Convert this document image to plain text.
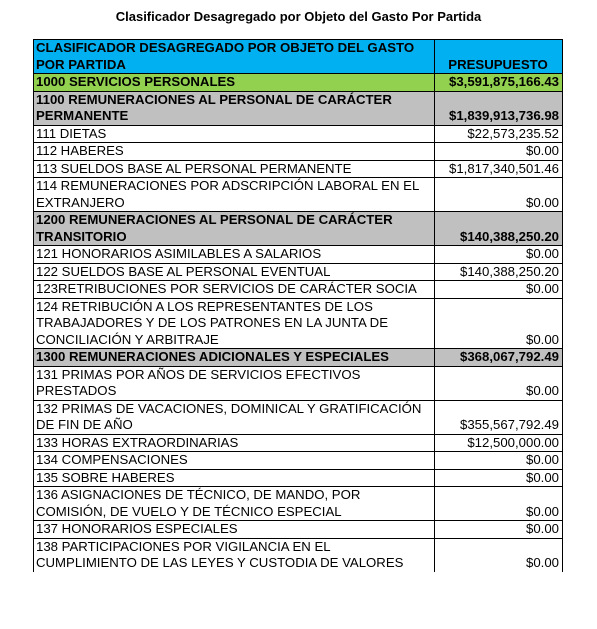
Clasificador Desagregado por Objeto del Gasto Por Partida
CLASIFICADOR DESAGREGADO POR OBJETO DEL GASTO POR PARTIDA	PRESUPUESTO
1000 SERVICIOS PERSONALES	$3,591,875,166.43
1100 REMUNERACIONES AL PERSONAL DE CARÁCTER PERMANENTE	$1,839,913,736.98
111 DIETAS	$22,573,235.52
112 HABERES	$0.00
113 SUELDOS BASE AL PERSONAL PERMANENTE	$1,817,340,501.46
114 REMUNERACIONES POR ADSCRIPCIÓN LABORAL EN EL EXTRANJERO	$0.00
1200 REMUNERACIONES AL PERSONAL DE CARÁCTER TRANSITORIO	$140,388,250.20
121 HONORARIOS ASIMILABLES A SALARIOS	$0.00
122 SUELDOS BASE AL PERSONAL EVENTUAL	$140,388,250.20
123RETRIBUCIONES POR SERVICIOS DE CARÁCTER SOCIA	$0.00
124 RETRIBUCIÓN A LOS REPRESENTANTES DE LOS TRABAJADORES Y DE LOS PATRONES EN LA JUNTA DE CONCILIACIÓN Y ARBITRAJE	$0.00
1300 REMUNERACIONES ADICIONALES Y ESPECIALES	$368,067,792.49
131 PRIMAS POR AÑOS DE SERVICIOS EFECTIVOS PRESTADOS	$0.00
132 PRIMAS DE VACACIONES, DOMINICAL Y GRATIFICACIÓN DE FIN DE AÑO	$355,567,792.49
133 HORAS EXTRAORDINARIAS	$12,500,000.00
134 COMPENSACIONES	$0.00
135 SOBRE HABERES	$0.00
136 ASIGNACIONES DE TÉCNICO, DE MANDO, POR COMISIÓN, DE VUELO Y DE TÉCNICO ESPECIAL	$0.00
137 HONORARIOS ESPECIALES	$0.00
138 PARTICIPACIONES POR VIGILANCIA EN EL CUMPLIMIENTO DE LAS LEYES Y CUSTODIA DE VALORES	$0.00
